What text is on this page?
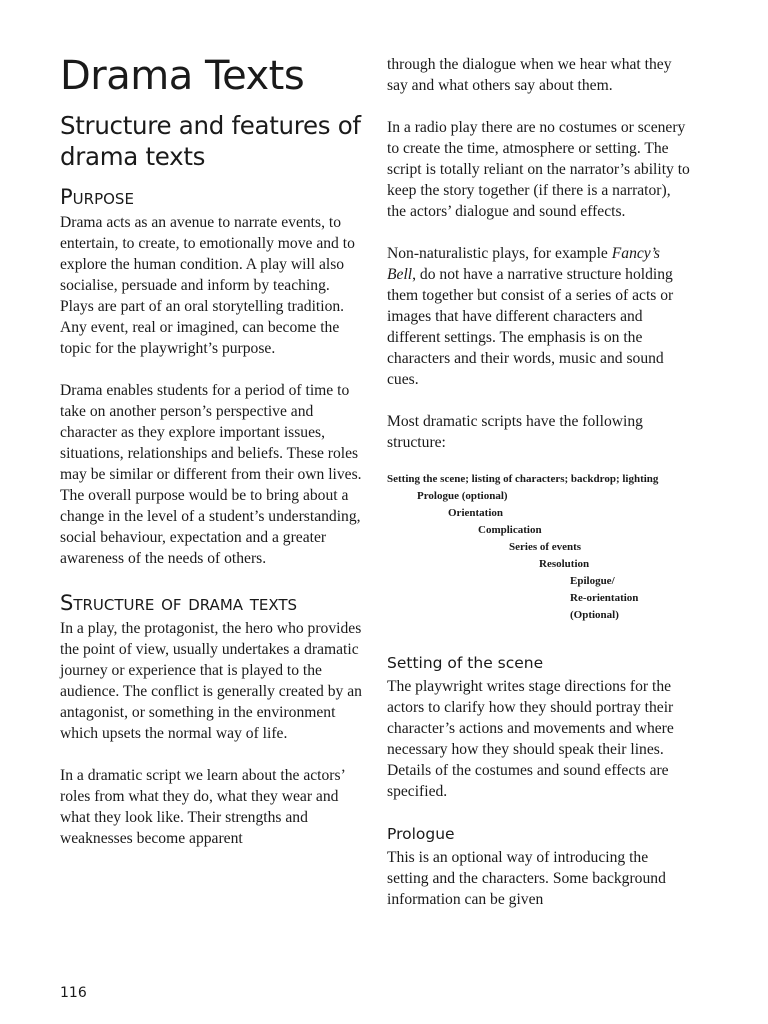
Drama Texts
Structure and features of drama texts
Purpose

Drama acts as an avenue to narrate events, to entertain, to create, to emotionally move and to explore the human condition. A play will also socialise, persuade and inform by teaching. Plays are part of an oral storytelling tradition. Any event, real or imagined, can become the topic for the playwright’s purpose.

Drama enables students for a period of time to take on another person’s perspective and character as they explore important issues, situations, relationships and beliefs. These roles may be similar or different from their own lives. The overall purpose would be to bring about a change in the level of a student’s understanding, social behaviour, expectation and a greater awareness of the needs of others.

Structure of drama texts

In a play, the protagonist, the hero who provides the point of view, usually undertakes a dramatic journey or experience that is played to the audience. The conflict is generally created by an antagonist, or something in the environment which upsets the normal way of life.

In a dramatic script we learn about the actors’ roles from what they do, what they wear and what they look like. Their strengths and weaknesses become apparent

through the dialogue when we hear what they say and what others say about them.

In a radio play there are no costumes or scenery to create the time, atmosphere or setting. The script is totally reliant on the narrator’s ability to keep the story together (if there is a narrator), the actors’ dialogue and sound effects.

Non-naturalistic plays, for example Fancy’s Bell, do not have a narrative structure holding them together but consist of a series of acts or images that have different characters and different settings. The emphasis is on the characters and their words, music and sound cues.

Most dramatic scripts have the following structure:

Setting the scene; listing of characters; backdrop; lighting
Prologue (optional)
Orientation
Complication
Series of events
Resolution
Epilogue/
Re-orientation
(Optional)
Setting of the scene

The playwright writes stage directions for the actors to clarify how they should portray their character’s actions and movements and where necessary how they should speak their lines. Details of the costumes and sound effects are specified.

Prologue

This is an optional way of introducing the setting and the characters. Some background information can be given

116
